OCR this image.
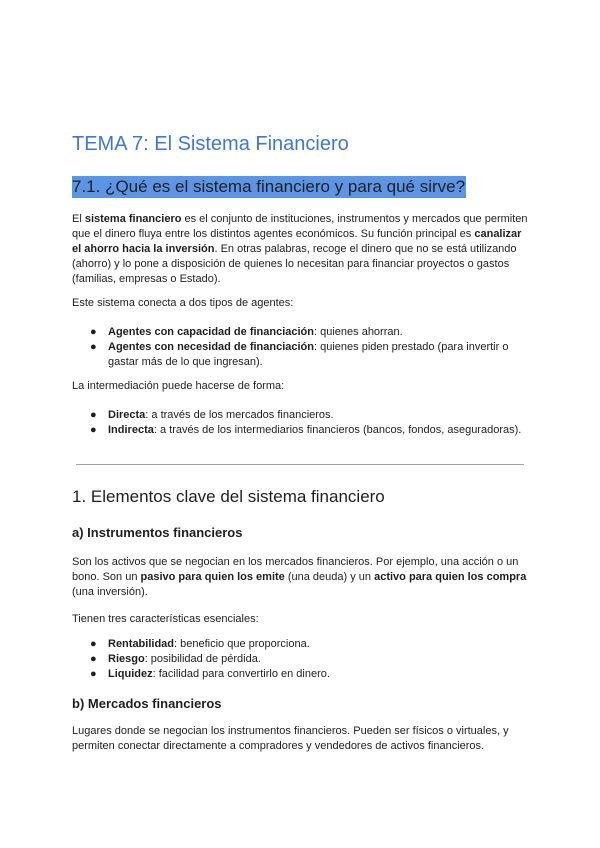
TEMA 7: El Sistema Financiero
7.1. ¿Qué es el sistema financiero y para qué sirve?

El sistema financiero es el conjunto de instituciones, instrumentos y mercados que permiten que el dinero fluya entre los distintos agentes económicos. Su función principal es canalizar el ahorro hacia la inversión. En otras palabras, recoge el dinero que no se está utilizando (ahorro) y lo pone a disposición de quienes lo necesitan para financiar proyectos o gastos (familias, empresas o Estado).

Este sistema conecta a dos tipos de agentes:

● Agentes con capacidad de financiación: quienes ahorran.
● Agentes con necesidad de financiación: quienes piden prestado (para invertir o gastar más de lo que ingresan).

La intermediación puede hacerse de forma:

● Directa: a través de los mercados financieros.
● Indirecta: a través de los intermediarios financieros (bancos, fondos, aseguradoras).
1. Elementos clave del sistema financiero
a) Instrumentos financieros

Son los activos que se negocian en los mercados financieros. Por ejemplo, una acción o un bono. Son un pasivo para quien los emite (una deuda) y un activo para quien los compra (una inversión).

Tienen tres características esenciales:

● Rentabilidad: beneficio que proporciona.
● Riesgo: posibilidad de pérdida.
● Liquidez: facilidad para convertirlo en dinero.
b) Mercados financieros

Lugares donde se negocian los instrumentos financieros. Pueden ser físicos o virtuales, y permiten conectar directamente a compradores y vendedores de activos financieros.
